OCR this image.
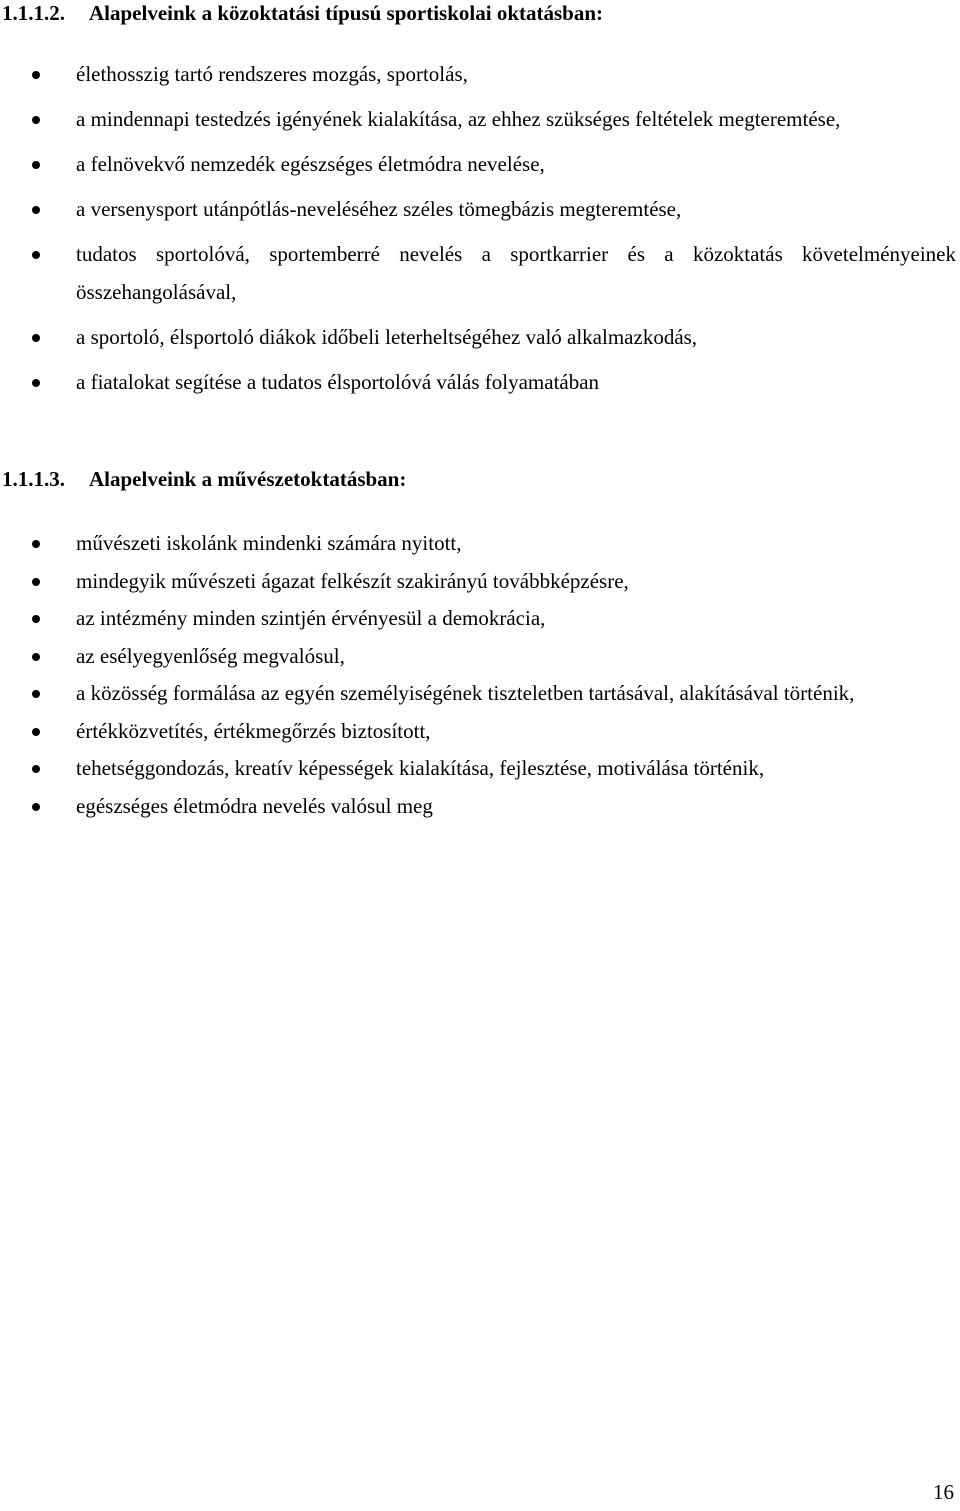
1.1.1.2. Alapelveink a közoktatási típusú sportiskolai oktatásban:
élethosszig tartó rendszeres mozgás, sportolás,
a mindennapi testedzés igényének kialakítása, az ehhez szükséges feltételek megteremtése,
a felnövekvő nemzedék egészséges életmódra nevelése,
a versenysport utánpótlás-neveléséhez széles tömegbázis megteremtése,
tudatos sportolóvá, sportemberré nevelés a sportkarrier és a közoktatás követelményeinek összehangolásával,
a sportoló, élsportoló diákok időbeli leterheltségéhez való alkalmazkodás,
a fiatalokat segítése a tudatos élsportolóvá válás folyamatában
1.1.1.3. Alapelveink a művészetoktatásban:
művészeti iskolánk mindenki számára nyitott,
mindegyik művészeti ágazat felkészít szakirányú továbbképzésre,
az intézmény minden szintjén érvényesül a demokrácia,
az esélyegyenlőség megvalósul,
a közösség formálása az egyén személyiségének tiszteletben tartásával, alakításával történik,
értékközvetítés, értékmegőrzés biztosított,
tehetséggondozás, kreatív képességek kialakítása, fejlesztése, motiválása történik,
egészséges életmódra nevelés valósul meg
16
